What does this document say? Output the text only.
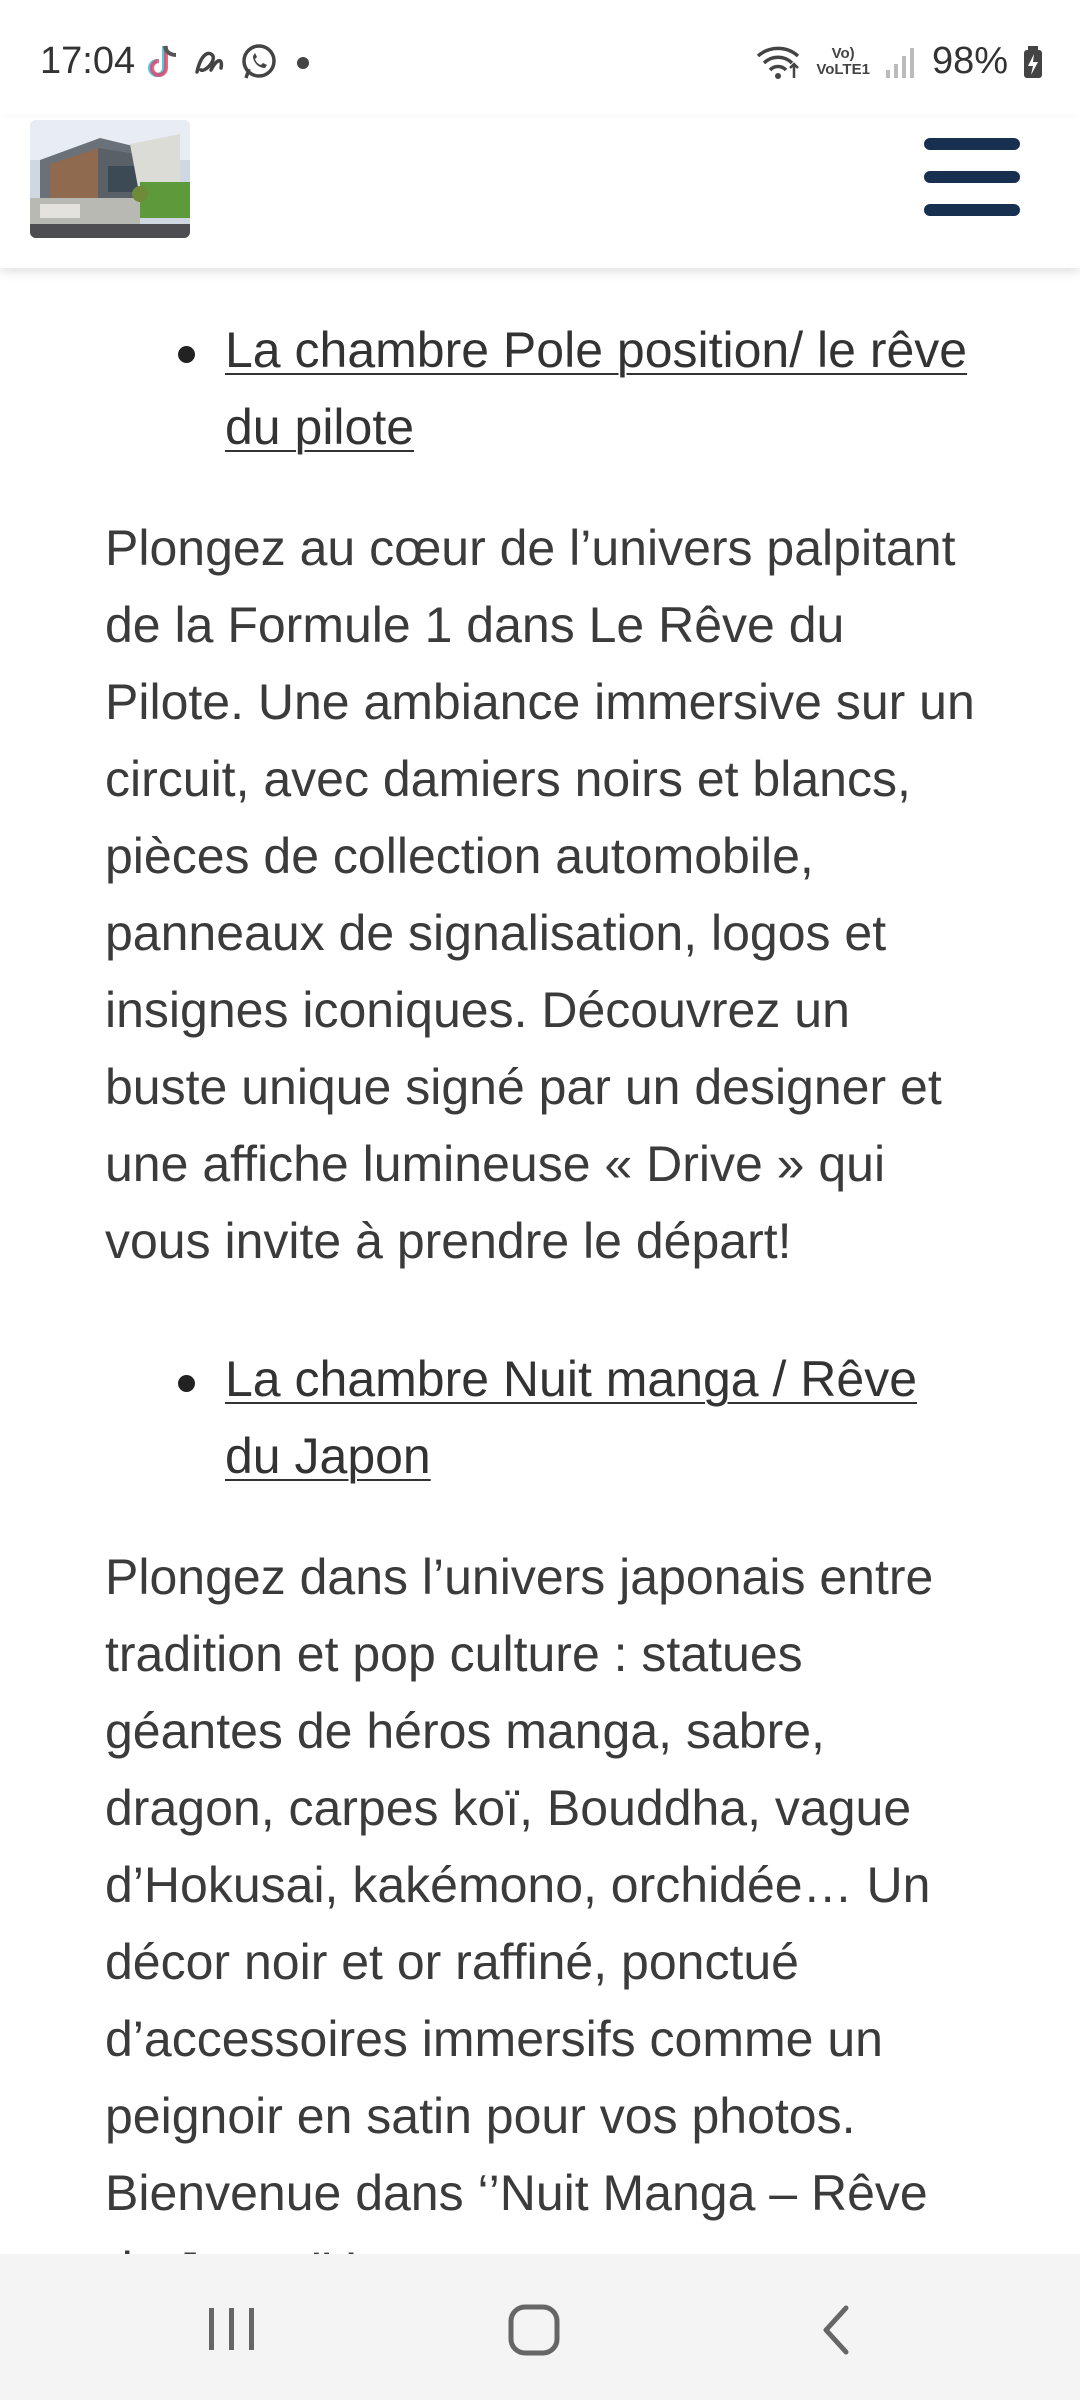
17:04	Vo)
VoLTE1 98%
La chambre Pole position/ le rêve du pilote

Plongez au cœur de l’univers palpitant de la Formule 1 dans Le Rêve du Pilote. Une ambiance immersive sur un circuit, avec damiers noirs et blancs, pièces de collection automobile, panneaux de signalisation, logos et insignes iconiques. Découvrez un buste unique signé par un designer et une affiche lumineuse « Drive » qui vous invite à prendre le départ!

La chambre Nuit manga / Rêve du Japon

Plongez dans l’univers japonais entre tradition et pop culture : statues géantes de héros manga, sabre, dragon, carpes koï, Bouddha, vague d’Hokusai, kakémono, orchidée… Un décor noir et or raffiné, ponctué d’accessoires immersifs comme un peignoir en satin pour vos photos. Bienvenue dans ‘’Nuit Manga – Rêve
